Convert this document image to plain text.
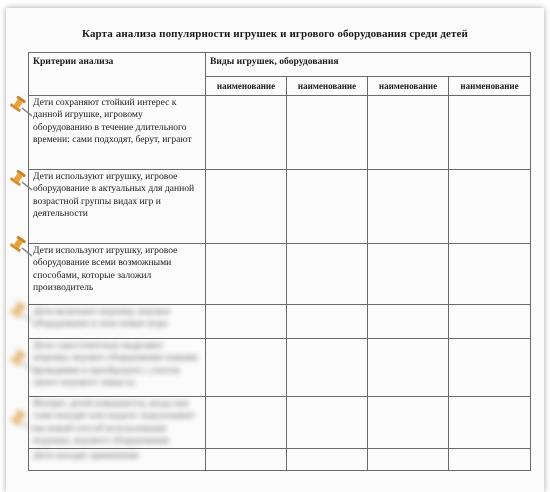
Карта анализа популярности игрушек и игрового оборудования среди детей
Критерии анализа	Виды игрушек, оборудования			
	наименование	наименование	наименование	наименование
Дети сохраняют стойкий интерес к данной игрушке, игровому оборудованию в течение длительного времени: сами подходят, берут, играют				
Дети используют игрушку, игровое оборудование в актуальных для данной возрастной группы видах игр и деятельности				
Дети используют игрушку, игровое оборудование всеми возможными способами, которые заложил производитель				
Дети включают игрушку, игровое оборудование в свои новые игры				
Дети самостоятельно выделяют игрушку, игровое оборудование новыми функциями и преобразуют с учетом своего игрового замысла				
Интерес детей повышается, когда они сами находят или педагог подсказывает им новый способ использования игрушки, игрового оборудования				
Дети находят применение				
